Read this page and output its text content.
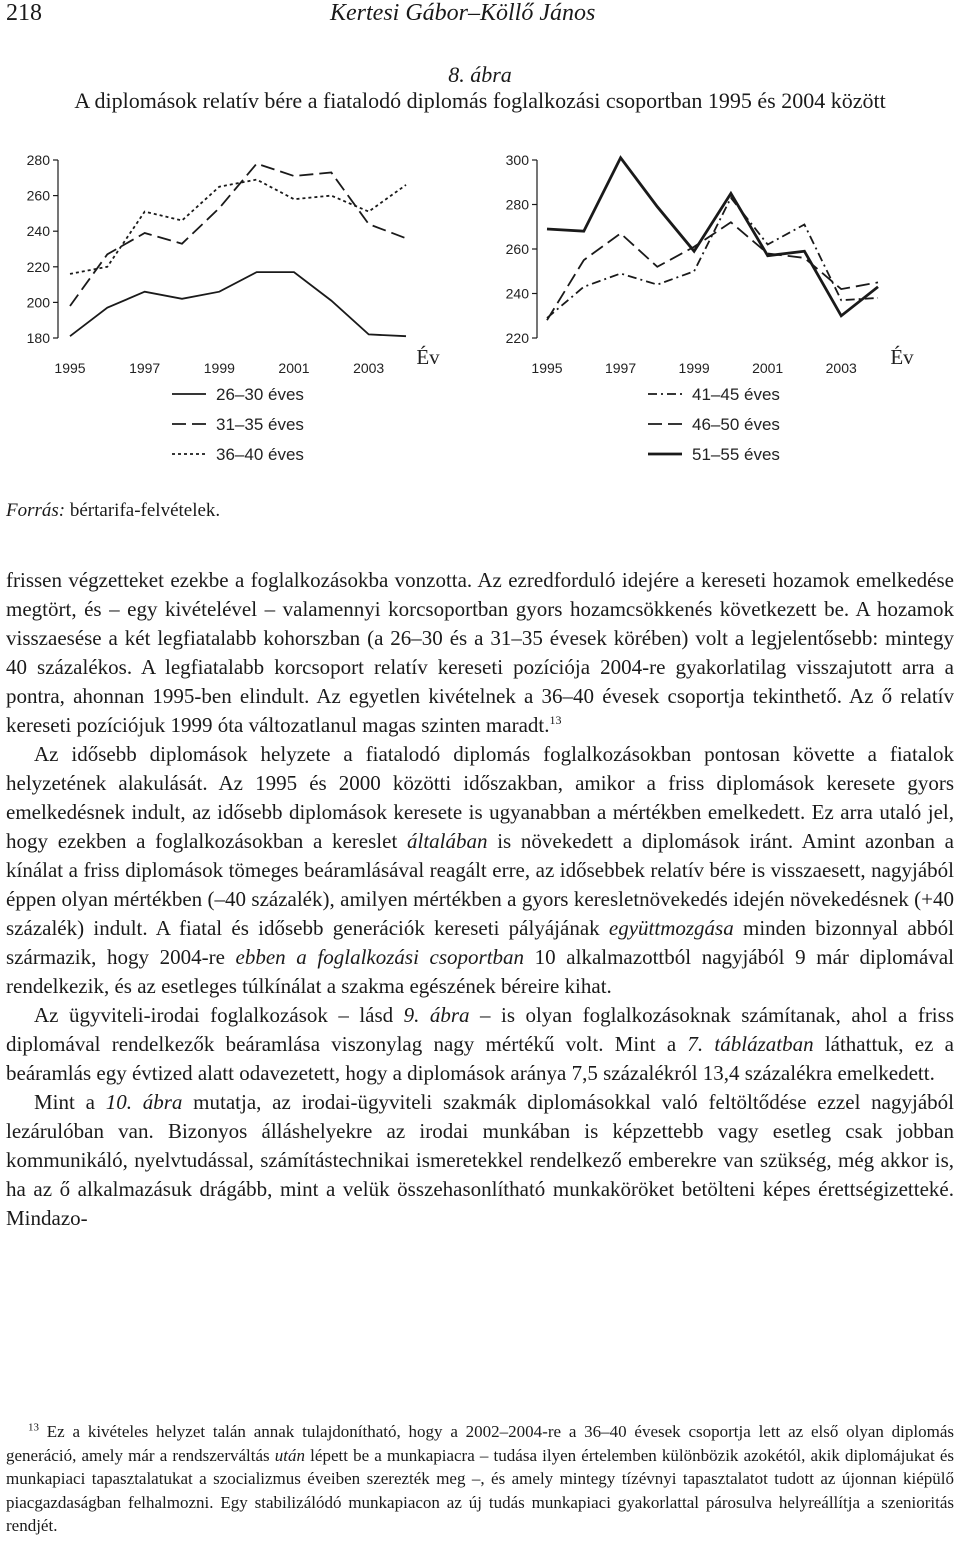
218	Kertesi Gábor–Köllő János
8. ábra
A diplomások relatív bére a fiatalodó diplomás foglalkozási csoportban 1995 és 2004 között
180
200
220
240
260
280
1995	1997	1999	2001	2003 Év
26–30 éves
31–35 éves
36–40 éves
220
240
260
280
300
1995	1997	1999	2001	2003 Év
41–45 éves
46–50 éves
51–55 éves
Forrás: bértarifa-felvételek.

frissen végzetteket ezekbe a foglalkozásokba vonzotta. Az ezredforduló idejére a kereseti hozamok emelkedése megtört, és – egy kivételével – valamennyi korcsoportban gyors hozamcsökkenés következett be. A hozamok visszaesése a két legfiatalabb kohorszban (a 26–30 és a 31–35 évesek körében) volt a legjelentősebb: mintegy 40 százalékos. A legfiatalabb korcsoport relatív kereseti pozíciója 2004-re gyakorlatilag visszajutott arra a pontra, ahonnan 1995-ben elindult. Az egyetlen kivételnek a 36–40 évesek csoportja tekinthető. Az ő relatív kereseti pozíciójuk 1999 óta változatlanul magas szinten maradt.$^{13}$

Az idősebb diplomások helyzete a fiatalodó diplomás foglalkozásokban pontosan követte a fiatalok helyzetének alakulását. Az 1995 és 2000 közötti időszakban, amikor a friss diplomások keresete gyors emelkedésnek indult, az idősebb diplomások keresete is ugyanabban a mértékben emelkedett. Ez arra utaló jel, hogy ezekben a foglalkozásokban a kereslet általában is növekedett a diplomások iránt. Amint azonban a kínálat a friss diplomások tömeges beáramlásával reagált erre, az idősebbek relatív bére is visszaesett, nagyjából éppen olyan mértékben (–40 százalék), amilyen mértékben a gyors keresletnövekedés idején növekedésnek (+40 százalék) indult. A fiatal és idősebb generációk kereseti pályájának együttmozgása minden bizonnyal abból származik, hogy 2004-re ebben a foglalkozási csoportban 10 alkalmazottból nagyjából 9 már diplomával rendelkezik, és az esetleges túlkínálat a szakma egészének béreire kihat.

Az ügyviteli-irodai foglalkozások – lásd 9. ábra – is olyan foglalkozásoknak számítanak, ahol a friss diplomával rendelkezők beáramlása viszonylag nagy mértékű volt. Mint a 7. táblázatban láthattuk, ez a beáramlás egy évtized alatt odavezetett, hogy a diplomások aránya 7,5 százalékról 13,4 százalékra emelkedett.

Mint a 10. ábra mutatja, az irodai-ügyviteli szakmák diplomásokkal való feltöltődése ezzel nagyjából lezárulóban van. Bizonyos álláshelyekre az irodai munkában is képzettebb vagy esetleg csak jobban kommunikáló, nyelvtudással, számítástechnikai ismeretekkel rendelkező emberekre van szükség, még akkor is, ha az ő alkalmazásuk drágább, mint a velük összehasonlítható munkaköröket betölteni képes érettségizetteké. Mindazo-

$^{13}$ Ez a kivételes helyzet talán annak tulajdonítható, hogy a 2002–2004-re a 36–40 évesek csoportja lett az első olyan diplomás generáció, amely már a rendszerváltás után lépett be a munkapiacra – tudása ilyen értelemben különbözik azokétól, akik diplomájukat és munkapiaci tapasztalatukat a szocializmus éveiben szerezték meg –, és amely mintegy tízévnyi tapasztalatot tudott az újonnan kiépülő piacgazdaságban felhalmozni. Egy stabilizálódó munkapiacon az új tudás munkapiaci gyakorlattal párosulva helyreállítja a szenioritás rendjét.
